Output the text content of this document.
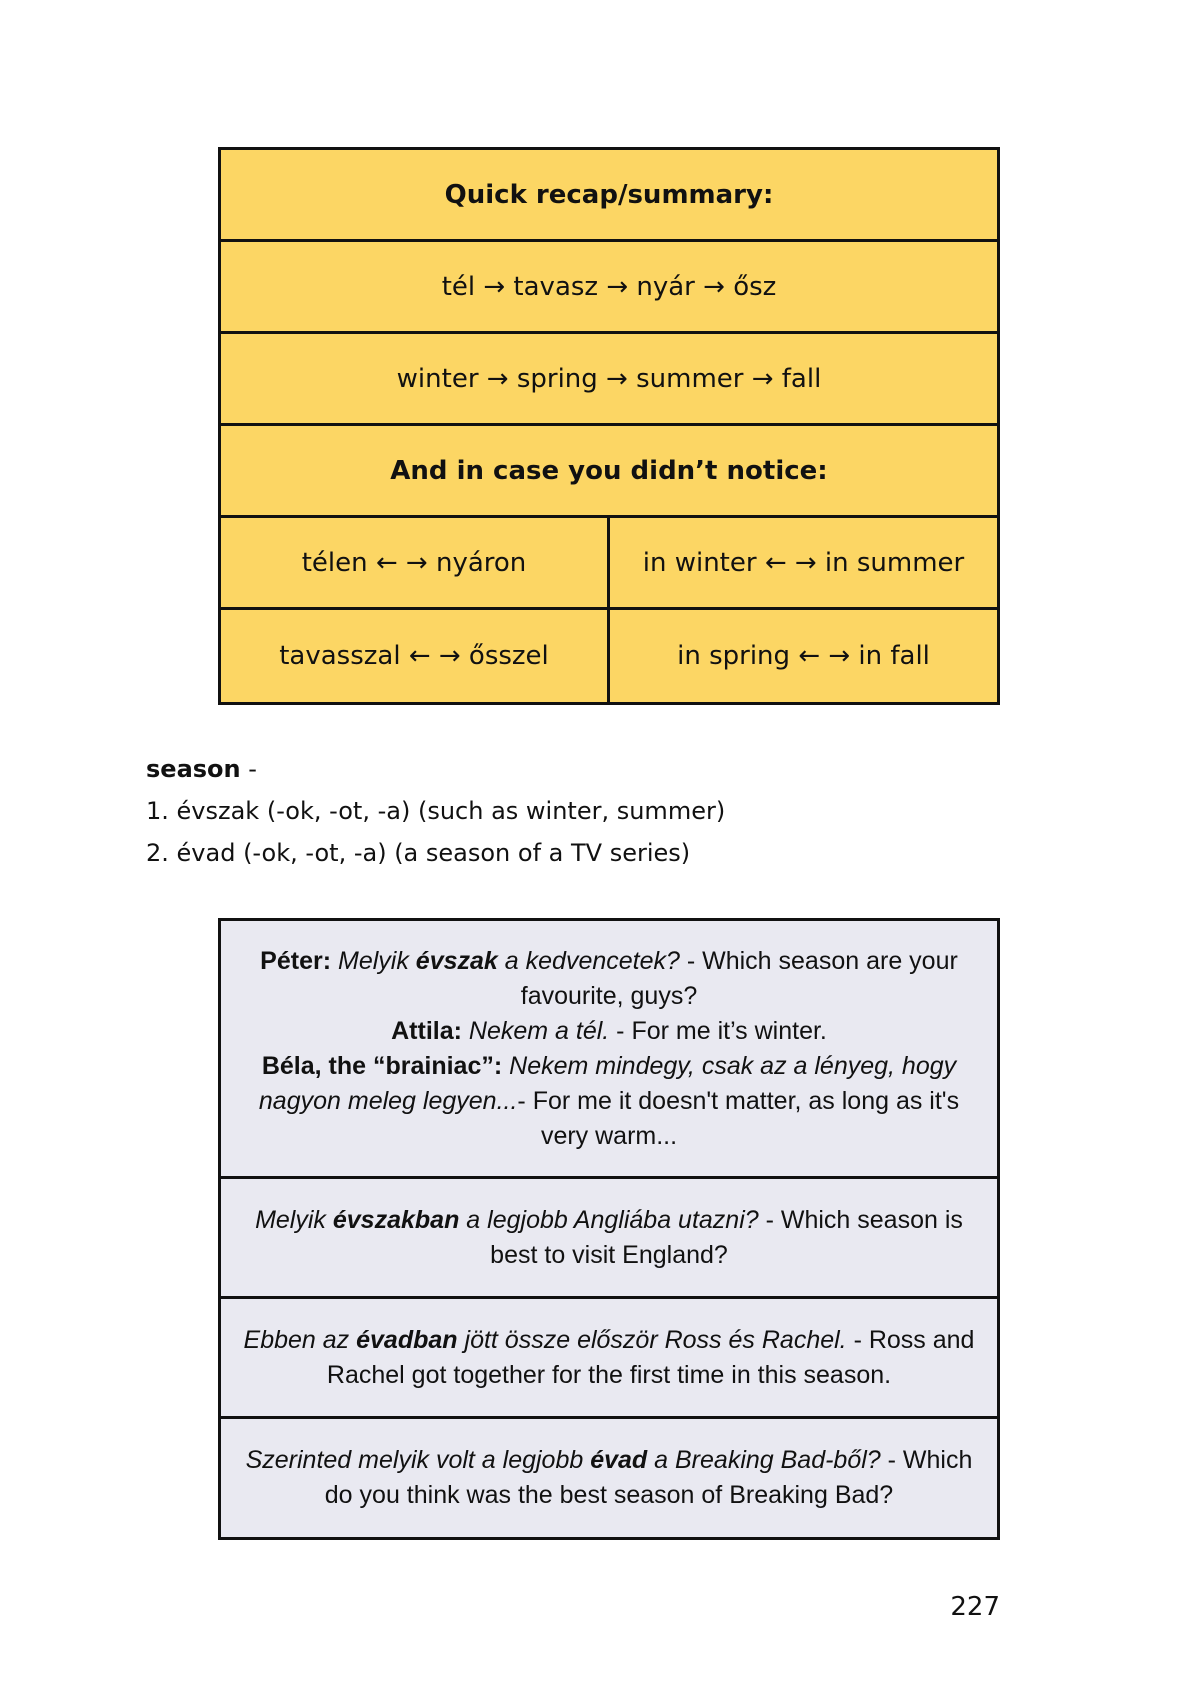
Quick recap/summary:
tél → tavasz → nyár → ősz
winter → spring → summer → fall
And in case you didn’t notice:
télen ← → nyáron	in winter ← → in summer
tavasszal ← → ősszel	in spring ← → in fall
season -
1. évszak (-ok, -ot, -a) (such as winter, summer)
2. évad (-ok, -ot, -a) (a season of a TV series)
Péter: Melyik évszak a kedvencetek? - Which season are your favourite, guys?
Attila: Nekem a tél. - For me it’s winter.
Béla, the “brainiac”: Nekem mindegy, csak az a lényeg, hogy nagyon meleg legyen...- For me it doesn't matter, as long as it's very warm...
Melyik évszakban a legjobb Angliába utazni? - Which season is best to visit England?
Ebben az évadban jött össze először Ross és Rachel. - Ross and Rachel got together for the first time in this season.
Szerinted melyik volt a legjobb évad a Breaking Bad-ből? - Which do you think was the best season of Breaking Bad?
227
